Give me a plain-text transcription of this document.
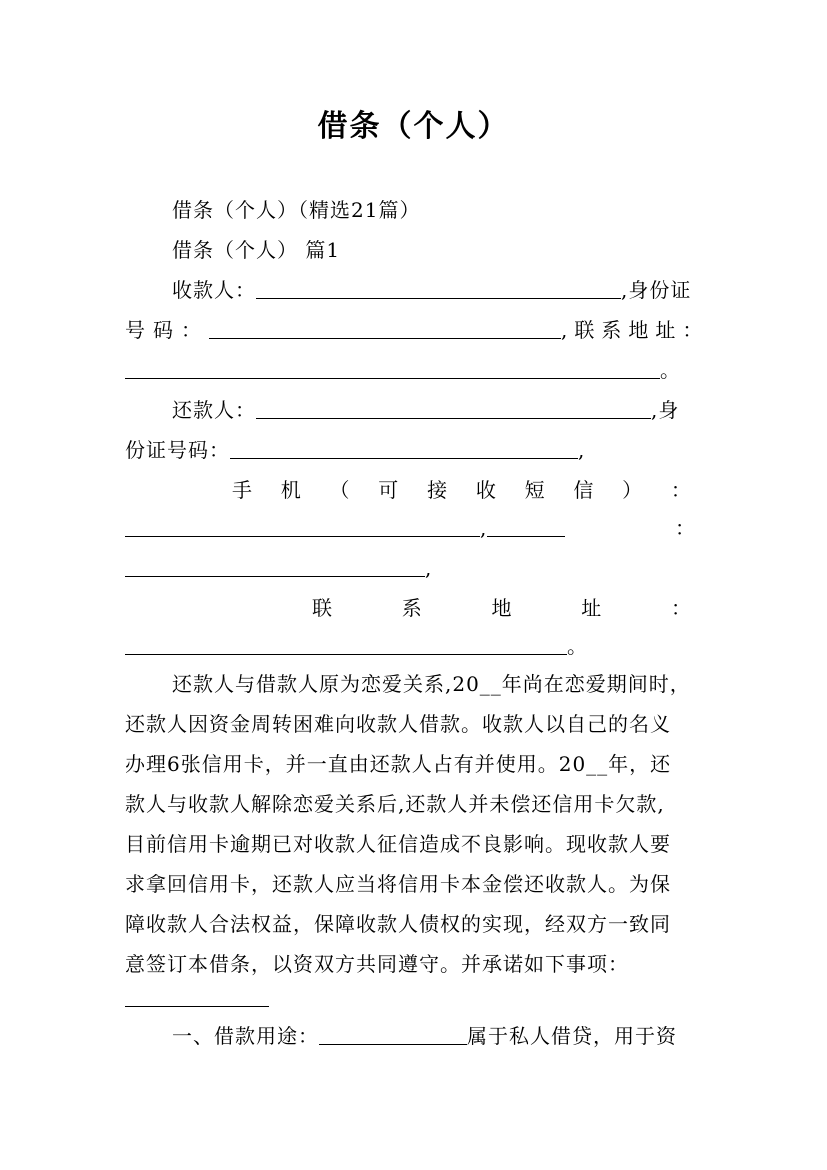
借条（个人）
借条（个人）（精选21篇）
借条（个人） 篇1
收款人：	,身份证
号码：	,联系地址：
。
还款人：	,身
份证号码：	,
手 机 （ 可 接 收 短 信 ） ：
,	：
,
联	系	地	址	：
。
还款人与借款人原为恋爱关系,20__年尚在恋爱期间时，
还款人因资金周转困难向收款人借款。收款人以自己的名义
办理6张信用卡，并一直由还款人占有并使用。20__年，还
款人与收款人解除恋爱关系后,还款人并未偿还信用卡欠款,
目前信用卡逾期已对收款人征信造成不良影响。现收款人要
求拿回信用卡，还款人应当将信用卡本金偿还收款人。为保
障收款人合法权益，保障收款人债权的实现，经双方一致同
意签订本借条，以资双方共同遵守。并承诺如下事项：
一、借款用途：	属于私人借贷，用于资
